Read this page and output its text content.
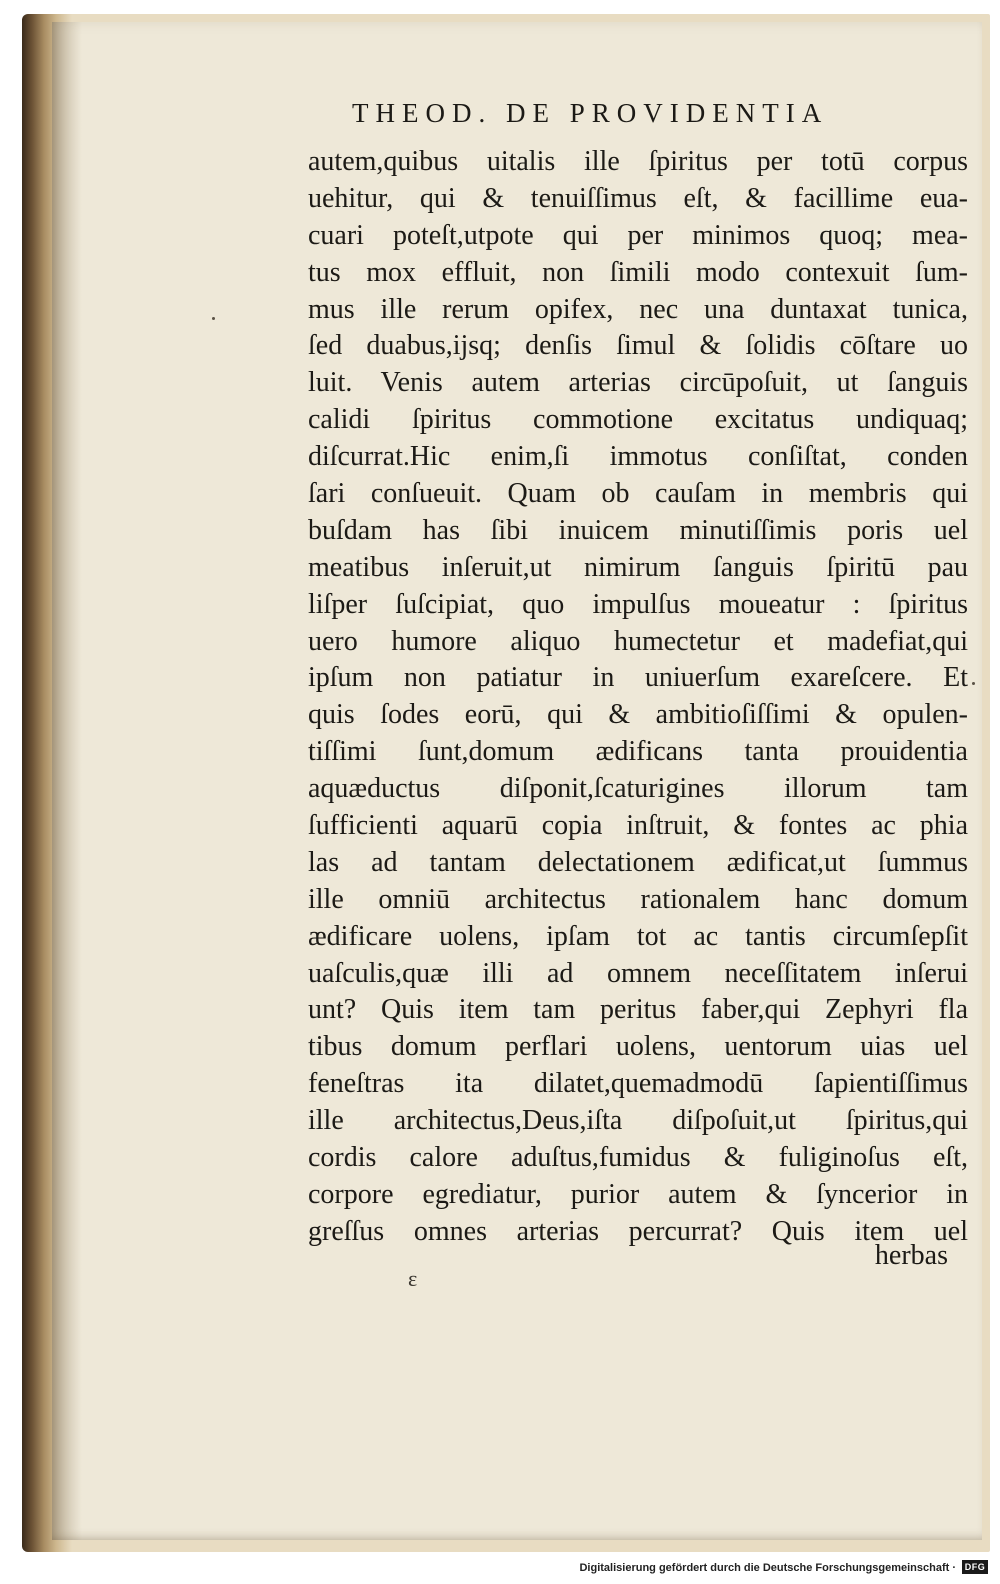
THEOD. DE PROVIDENTIA
autem,quibus uitalis ille ſpiritus per totū corpus
uehitur, qui & tenuiſſimus eſt, & facillime eua-
cuari poteſt,utpote qui per minimos quoq; mea-
tus mox effluit, non ſimili modo contexuit ſum-
mus ille rerum opifex, nec una duntaxat tunica,
ſed duabus,ijsq; denſis ſimul & ſolidis cōſtare uo
luit. Venis autem arterias circūpoſuit, ut ſanguis
calidi ſpiritus commotione excitatus undiquaq;
diſcurrat.Hic enim,ſi immotus conſiſtat, conden
ſari conſueuit. Quam ob cauſam in membris qui
buſdam has ſibi inuicem minutiſſimis poris uel
meatibus inſeruit,ut nimirum ſanguis ſpiritū pau
liſper ſuſcipiat, quo impulſus moueatur : ſpiritus
uero humore aliquo humectetur et madefiat,qui
ipſum non patiatur in uniuerſum exareſcere. Et
quis ſodes eorū, qui & ambitioſiſſimi & opulen-
tiſſimi ſunt,domum ædificans tanta prouidentia
aquæductus diſponit,ſcaturigines illorum tam
ſufficienti aquarū copia inſtruit, & fontes ac phia
las ad tantam delectationem ædificat,ut ſummus
ille omniū architectus rationalem hanc domum
ædificare uolens, ipſam tot ac tantis circumſepſit
uaſculis,quæ illi ad omnem neceſſitatem inſerui
unt? Quis item tam peritus faber,qui Zephyri fla
tibus domum perflari uolens, uentorum uias uel
feneſtras ita dilatet,quemadmodū ſapientiſſimus
ille architectus,Deus,iſta diſpoſuit,ut ſpiritus,qui
cordis calore aduſtus,fumidus & fuliginoſus eſt,
corpore egrediatur, purior autem & ſyncerior in
greſſus omnes arterias percurrat? Quis item uel

herbas

ɛ
Digitalisierung gefördert durch die Deutsche Forschungsgemeinschaft · DFG
